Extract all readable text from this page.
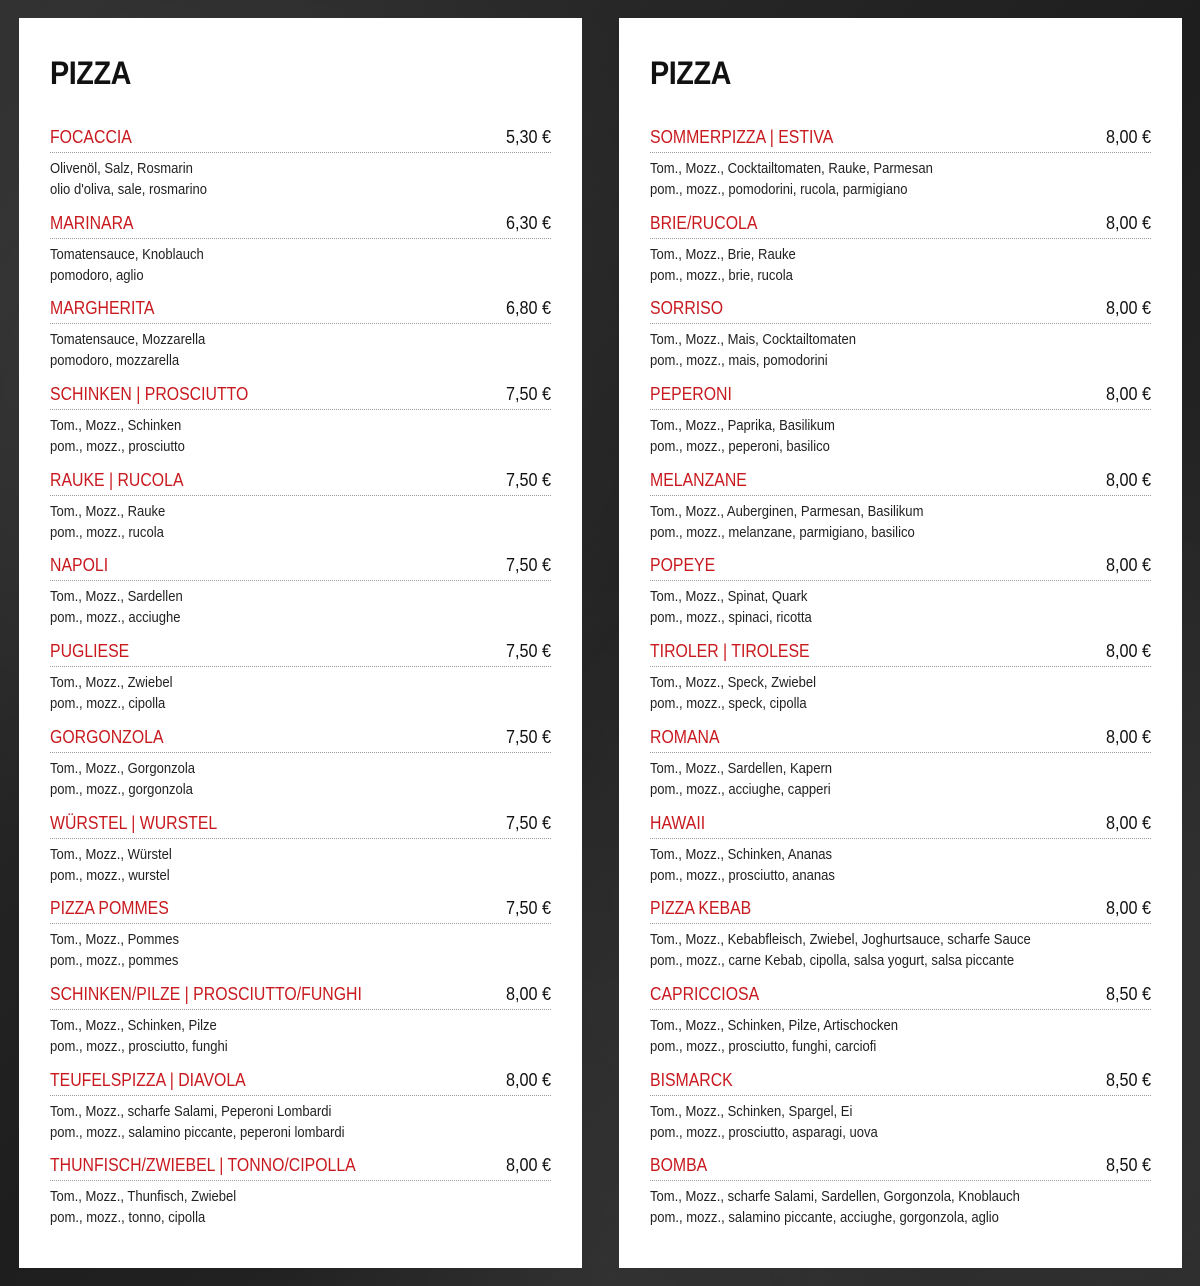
PIZZA
FOCACCIA	5,30 €
Olivenöl, Salz, Rosmarin
olio d'oliva, sale, rosmarino
MARINARA	6,30 €
Tomatensauce, Knoblauch
pomodoro, aglio
MARGHERITA	6,80 €
Tomatensauce, Mozzarella
pomodoro, mozzarella
SCHINKEN | PROSCIUTTO	7,50 €
Tom., Mozz., Schinken
pom., mozz., prosciutto
RAUKE | RUCOLA	7,50 €
Tom., Mozz., Rauke
pom., mozz., rucola
NAPOLI	7,50 €
Tom., Mozz., Sardellen
pom., mozz., acciughe
PUGLIESE	7,50 €
Tom., Mozz., Zwiebel
pom., mozz., cipolla
GORGONZOLA	7,50 €
Tom., Mozz., Gorgonzola
pom., mozz., gorgonzola
WÜRSTEL | WURSTEL	7,50 €
Tom., Mozz., Würstel
pom., mozz., wurstel
PIZZA POMMES	7,50 €
Tom., Mozz., Pommes
pom., mozz., pommes
SCHINKEN/PILZE | PROSCIUTTO/FUNGHI	8,00 €
Tom., Mozz., Schinken, Pilze
pom., mozz., prosciutto, funghi
TEUFELSPIZZA | DIAVOLA	8,00 €
Tom., Mozz., scharfe Salami, Peperoni Lombardi
pom., mozz., salamino piccante, peperoni lombardi
THUNFISCH/ZWIEBEL | TONNO/CIPOLLA	8,00 €
Tom., Mozz., Thunfisch, Zwiebel
pom., mozz., tonno, cipolla
PIZZA
SOMMERPIZZA | ESTIVA	8,00 €
Tom., Mozz., Cocktailtomaten, Rauke, Parmesan
pom., mozz., pomodorini, rucola, parmigiano
BRIE/RUCOLA	8,00 €
Tom., Mozz., Brie, Rauke
pom., mozz., brie, rucola
SORRISO	8,00 €
Tom., Mozz., Mais, Cocktailtomaten
pom., mozz., mais, pomodorini
PEPERONI	8,00 €
Tom., Mozz., Paprika, Basilikum
pom., mozz., peperoni, basilico
MELANZANE	8,00 €
Tom., Mozz., Auberginen, Parmesan, Basilikum
pom., mozz., melanzane, parmigiano, basilico
POPEYE	8,00 €
Tom., Mozz., Spinat, Quark
pom., mozz., spinaci, ricotta
TIROLER | TIROLESE	8,00 €
Tom., Mozz., Speck, Zwiebel
pom., mozz., speck, cipolla
ROMANA	8,00 €
Tom., Mozz., Sardellen, Kapern
pom., mozz., acciughe, capperi
HAWAII	8,00 €
Tom., Mozz., Schinken, Ananas
pom., mozz., prosciutto, ananas
PIZZA KEBAB	8,00 €
Tom., Mozz., Kebabfleisch, Zwiebel, Joghurtsauce, scharfe Sauce
pom., mozz., carne Kebab, cipolla, salsa yogurt, salsa piccante
CAPRICCIOSA	8,50 €
Tom., Mozz., Schinken, Pilze, Artischocken
pom., mozz., prosciutto, funghi, carciofi
BISMARCK	8,50 €
Tom., Mozz., Schinken, Spargel, Ei
pom., mozz., prosciutto, asparagi, uova
BOMBA	8,50 €
Tom., Mozz., scharfe Salami, Sardellen, Gorgonzola, Knoblauch
pom., mozz., salamino piccante, acciughe, gorgonzola, aglio
